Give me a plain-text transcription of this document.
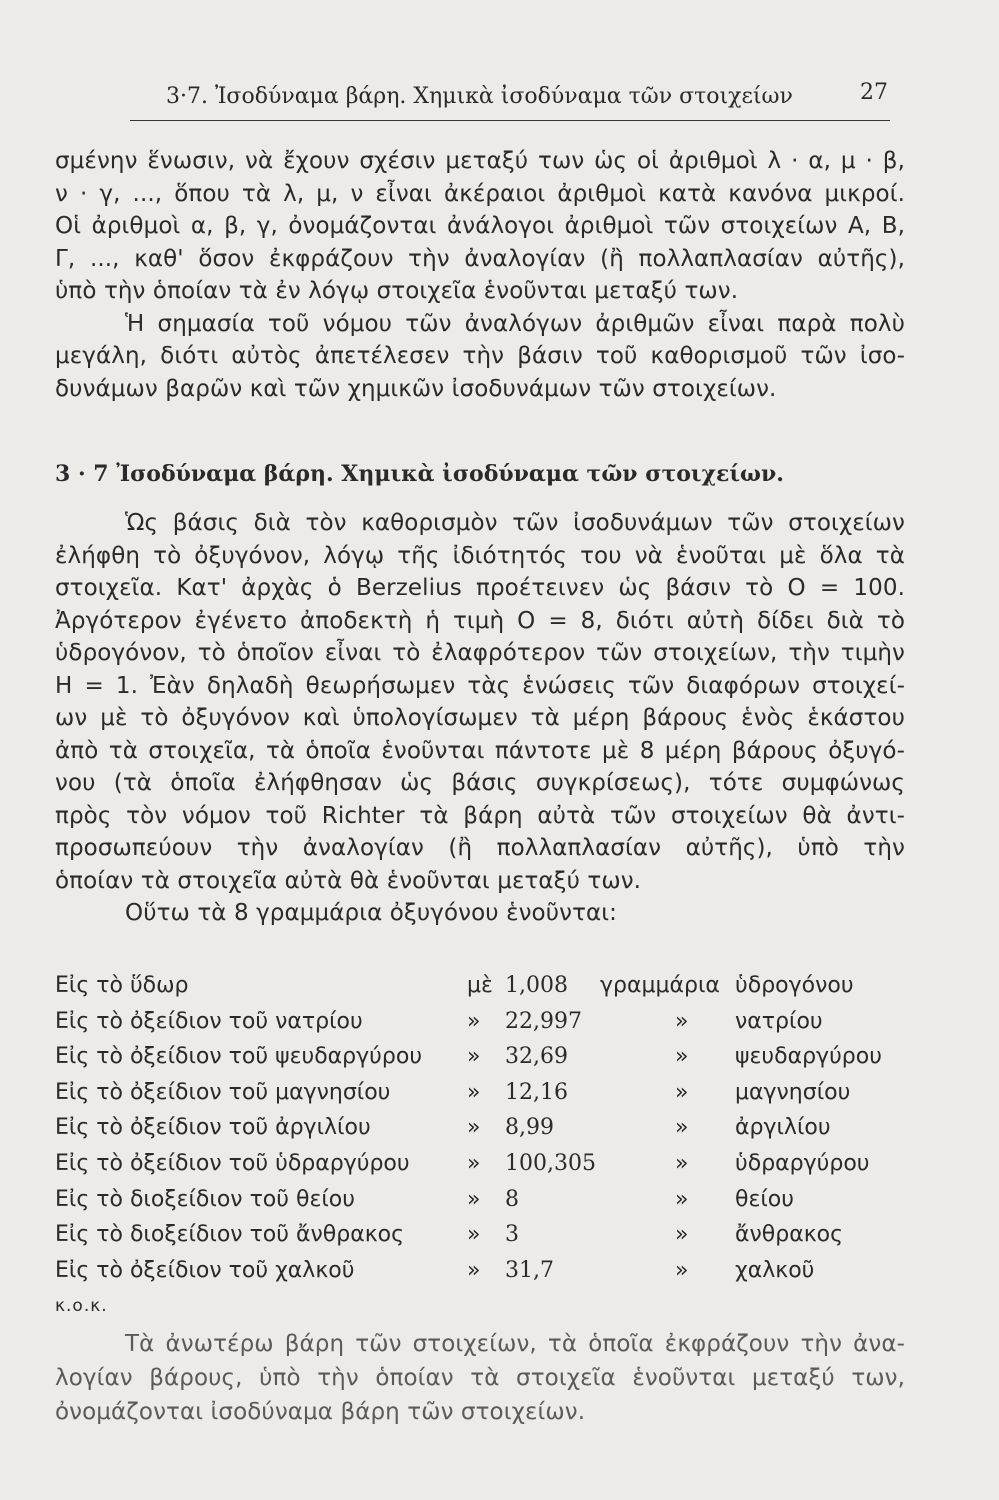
3·7. Ἰσοδύναμα βάρη. Χημικὰ ἰσοδύναμα τῶν στοιχείων	27
σμένην ἕνωσιν, νὰ ἔχουν σχέσιν μεταξύ των ὡς οἱ ἀριθμοὶ λ · α, μ · β,
ν · γ, ..., ὅπου τὰ λ, μ, ν εἶναι ἀκέραιοι ἀριθμοὶ κατὰ κανόνα μικροί.
Οἱ ἀριθμοὶ α, β, γ, ὀνομάζονται ἀνάλογοι ἀριθμοὶ τῶν στοιχείων Α, Β,
Γ, ..., καθ' ὅσον ἐκφράζουν τὴν ἀναλογίαν (ἢ πολλαπλασίαν αὐτῆς),
ὑπὸ τὴν ὁποίαν τὰ ἐν λόγῳ στοιχεῖα ἑνοῦνται μεταξύ των.
Ἡ σημασία τοῦ νόμου τῶν ἀναλόγων ἀριθμῶν εἶναι παρὰ πολὺ
μεγάλη, διότι αὐτὸς ἀπετέλεσεν τὴν βάσιν τοῦ καθορισμοῦ τῶν ἰσο-
δυνάμων βαρῶν καὶ τῶν χημικῶν ἰσοδυνάμων τῶν στοιχείων.
3 · 7 Ἰσοδύναμα βάρη. Χημικὰ ἰσοδύναμα τῶν στοιχείων.
Ὡς βάσις διὰ τὸν καθορισμὸν τῶν ἰσοδυνάμων τῶν στοιχείων
ἐλήφθη τὸ ὀξυγόνον, λόγῳ τῆς ἰδιότητός του νὰ ἑνοῦται μὲ ὅλα τὰ
στοιχεῖα. Κατ' ἀρχὰς ὁ Berzelius προέτεινεν ὡς βάσιν τὸ Ο = 100.
Ἀργότερον ἐγένετο ἀποδεκτὴ ἡ τιμὴ Ο = 8, διότι αὐτὴ δίδει διὰ τὸ
ὑδρογόνον, τὸ ὁποῖον εἶναι τὸ ἐλαφρότερον τῶν στοιχείων, τὴν τιμὴν
Η = 1. Ἐὰν δηλαδὴ θεωρήσωμεν τὰς ἑνώσεις τῶν διαφόρων στοιχεί-
ων μὲ τὸ ὀξυγόνον καὶ ὑπολογίσωμεν τὰ μέρη βάρους ἑνὸς ἑκάστου
ἀπὸ τὰ στοιχεῖα, τὰ ὁποῖα ἑνοῦνται πάντοτε μὲ 8 μέρη βάρους ὀξυγό-
νου (τὰ ὁποῖα ἐλήφθησαν ὡς βάσις συγκρίσεως), τότε συμφώνως
πρὸς τὸν νόμον τοῦ Richter τὰ βάρη αὐτὰ τῶν στοιχείων θὰ ἀντι-
προσωπεύουν τὴν ἀναλογίαν (ἢ πολλαπλασίαν αὐτῆς), ὑπὸ τὴν
ὁποίαν τὰ στοιχεῖα αὐτὰ θὰ ἑνοῦνται μεταξύ των.
Οὕτω τὰ 8 γραμμάρια ὀξυγόνου ἑνοῦνται:
Εἰς τὸ ὕδωρ	μὲ 1,008 γραμμάρια ὑδρογόνου
Εἰς τὸ ὀξείδιον τοῦ νατρίου	» 22,997	» νατρίου
Εἰς τὸ ὀξείδιον τοῦ ψευδαργύρου » 32,69	» ψευδαργύρου
Εἰς τὸ ὀξείδιον τοῦ μαγνησίου	» 12,16	» μαγνησίου
Εἰς τὸ ὀξείδιον τοῦ ἀργιλίου	» 8,99	» ἀργιλίου
Εἰς τὸ ὀξείδιον τοῦ ὑδραργύρου	» 100,305	» ὑδραργύρου
Εἰς τὸ διοξείδιον τοῦ θείου	» 8	» θείου
Εἰς τὸ διοξείδιον τοῦ ἄνθρακος	» 3	» ἄνθρακος
Εἰς τὸ ὀξείδιον τοῦ χαλκοῦ	» 31,7	» χαλκοῦ
κ.ο.κ.
Τὰ ἀνωτέρω βάρη τῶν στοιχείων, τὰ ὁποῖα ἐκφράζουν τὴν ἀνα-
λογίαν βάρους, ὑπὸ τὴν ὁποίαν τὰ στοιχεῖα ἑνοῦνται μεταξύ των,
ὀνομάζονται ἰσοδύναμα βάρη τῶν στοιχείων.
